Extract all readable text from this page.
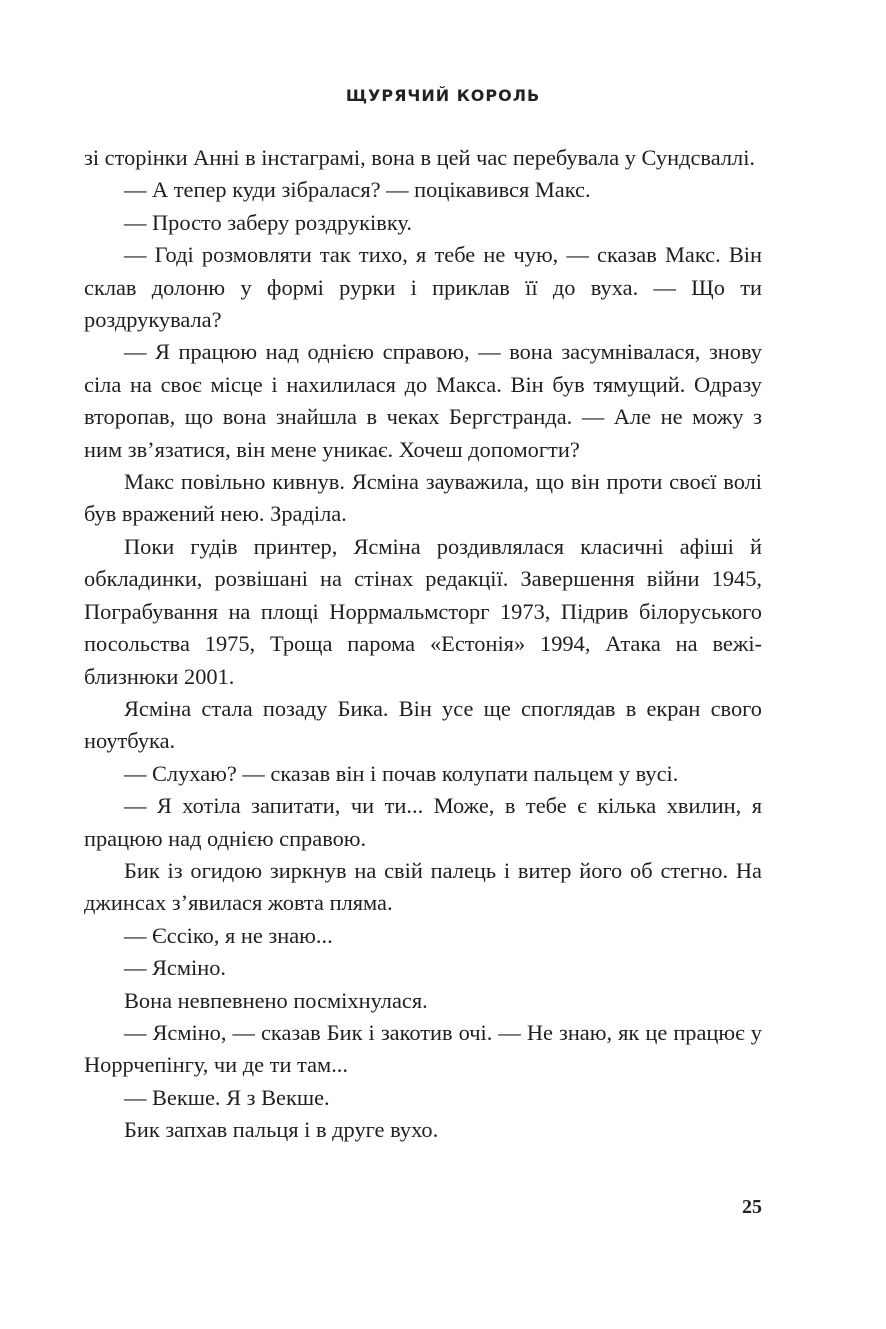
ЩУРЯЧИЙ КОРОЛЬ

зі сторінки Анні в інстаграмі, вона в цей час перебувала у Сундсваллі.

— А тепер куди зібралася? — поцікавився Макс.

— Просто заберу роздруківку.

— Годі розмовляти так тихо, я тебе не чую, — сказав Макс. Він склав долоню у формі рурки і приклав її до вуха. — Що ти роздрукувала?

— Я працюю над однією справою, — вона засумнівалася, знову сіла на своє місце і нахилилася до Макса. Він був тямущий. Одразу второпав, що вона знайшла в чеках Бергстранда. — Але не можу з ним зв’язатися, він мене уникає. Хочеш допомогти?

Макс повільно кивнув. Ясміна зауважила, що він проти своєї волі був вражений нею. Зраділа.

Поки гудів принтер, Ясміна роздивлялася класичні афіші й обкладинки, розвішані на стінах редакції. Завершення війни 1945, Пограбування на площі Норрмальмсторг 1973, Підрив білоруського посольства 1975, Троща парома «Естонія» 1994, Атака на вежі-близнюки 2001.

Ясміна стала позаду Бика. Він усе ще споглядав в екран свого ноутбука.

— Слухаю? — сказав він і почав колупати пальцем у вусі.

— Я хотіла запитати, чи ти... Може, в тебе є кілька хвилин, я працюю над однією справою.

Бик із огидою зиркнув на свій палець і витер його об стегно. На джинсах з’явилася жовта пляма.

— Єссіко, я не знаю...

— Ясміно.

Вона невпевнено посміхнулася.

— Ясміно, — сказав Бик і закотив очі. — Не знаю, як це працює у Норрчепінгу, чи де ти там...

— Векше. Я з Векше.

Бик запхав пальця і в друге вухо.

25
